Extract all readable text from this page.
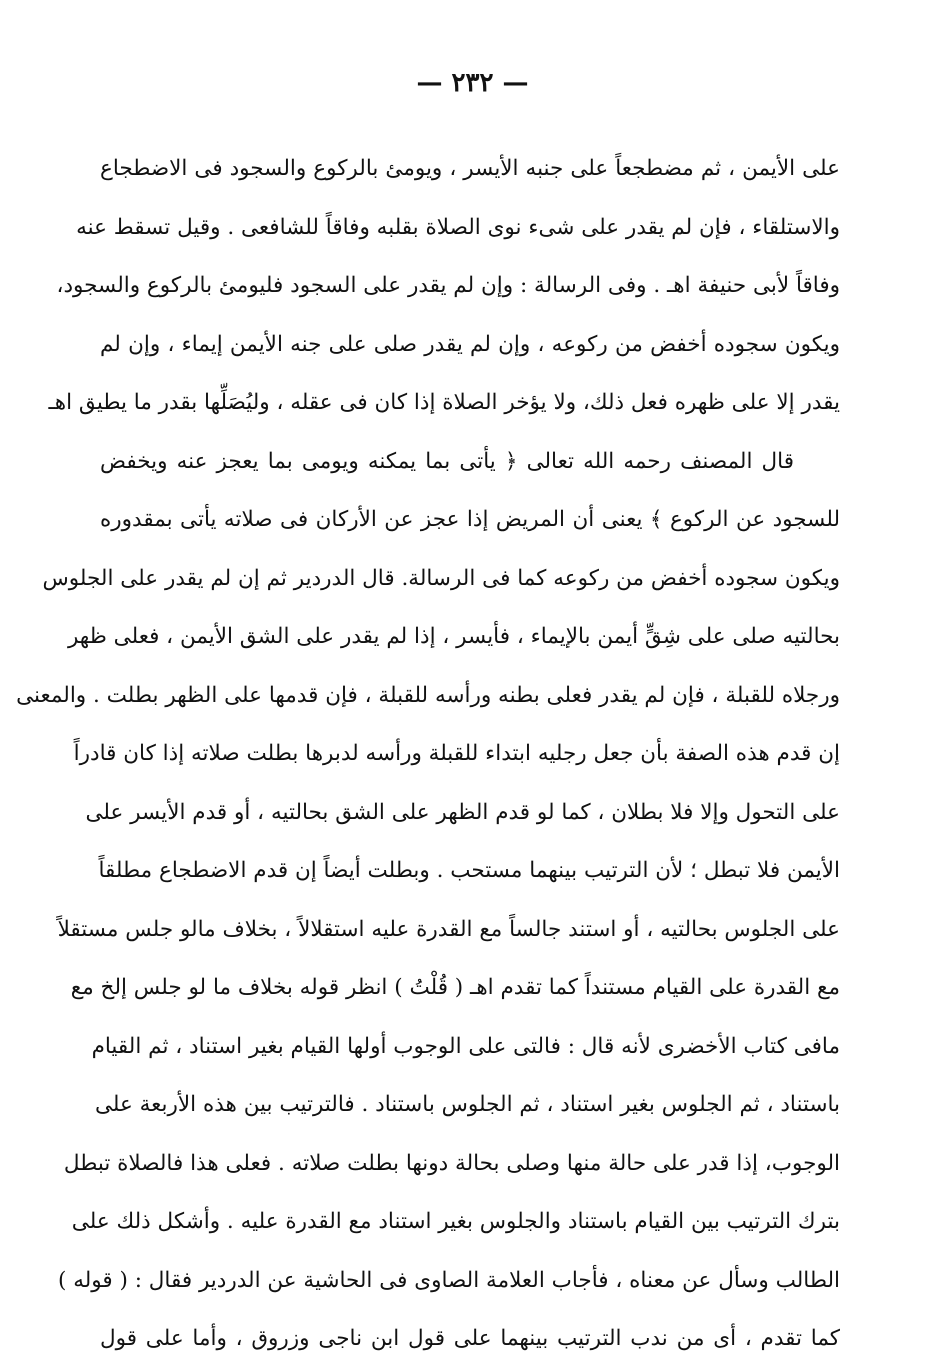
— ٢٣٢ —
على الأيمن ، ثم مضطجعاً على جنبه الأيسر ، ويومئ بالركوع والسجود فى الاضطجاع
والاستلقاء ، فإن لم يقدر على شىء نوى الصلاة بقلبه وفاقاً للشافعى . وقيل تسقط عنه
وفاقاً لأبى حنيفة اهـ . وفى الرسالة : وإن لم يقدر على السجود فليومئ بالركوع والسجود،
ويكون سجوده أخفض من ركوعه ، وإن لم يقدر صلى على جنه الأيمن إيماء ، وإن لم
يقدر إلا على ظهره فعل ذلك، ولا يؤخر الصلاة إذا كان فى عقله ، وليُصَلِّها بقدر ما يطيق اهـ
قال المصنف رحمه الله تعالى ﴿ يأتى بما يمكنه ويومى بما يعجز عنه ويخفض
للسجود عن الركوع ﴾ يعنى أن المريض إذا عجز عن الأركان فى صلاته يأتى بمقدوره
ويكون سجوده أخفض من ركوعه كما فى الرسالة. قال الدردير ثم إن لم يقدر على الجلوس
بحالتيه صلى على شِقٍّ أيمن بالإيماء ، فأيسر ، إذا لم يقدر على الشق الأيمن ، فعلى ظهر
ورجلاه للقبلة ، فإن لم يقدر فعلى بطنه ورأسه للقبلة ، فإن قدمها على الظهر بطلت . والمعنى
إن قدم هذه الصفة بأن جعل رجليه ابتداء للقبلة ورأسه لدبرها بطلت صلاته إذا كان قادراً
على التحول وإلا فلا بطلان ، كما لو قدم الظهر على الشق بحالتيه ، أو قدم الأيسر على
الأيمن فلا تبطل ؛ لأن الترتيب بينهما مستحب . وبطلت أيضاً إن قدم الاضطجاع مطلقاً
على الجلوس بحالتيه ، أو استند جالساً مع القدرة عليه استقلالاً ، بخلاف مالو جلس مستقلاً
مع القدرة على القيام مستنداً كما تقدم اهـ ( قُلْتُ ) انظر قوله بخلاف ما لو جلس إلخ مع
مافى كتاب الأخضرى لأنه قال : فالتى على الوجوب أولها القيام بغير استناد ، ثم القيام
باستناد ، ثم الجلوس بغير استناد ، ثم الجلوس باستناد . فالترتيب بين هذه الأربعة على
الوجوب، إذا قدر على حالة منها وصلى بحالة دونها بطلت صلاته . فعلى هذا فالصلاة تبطل
بترك الترتيب بين القيام باستناد والجلوس بغير استناد مع القدرة عليه . وأشكل ذلك على
الطالب وسأل عن معناه ، فأجاب العلامة الصاوى فى الحاشية عن الدردير فقال : ( قوله )
كما تقدم ، أى من ندب الترتيب بينهما على قول ابن ناجى وزروق ، وأما على قول
